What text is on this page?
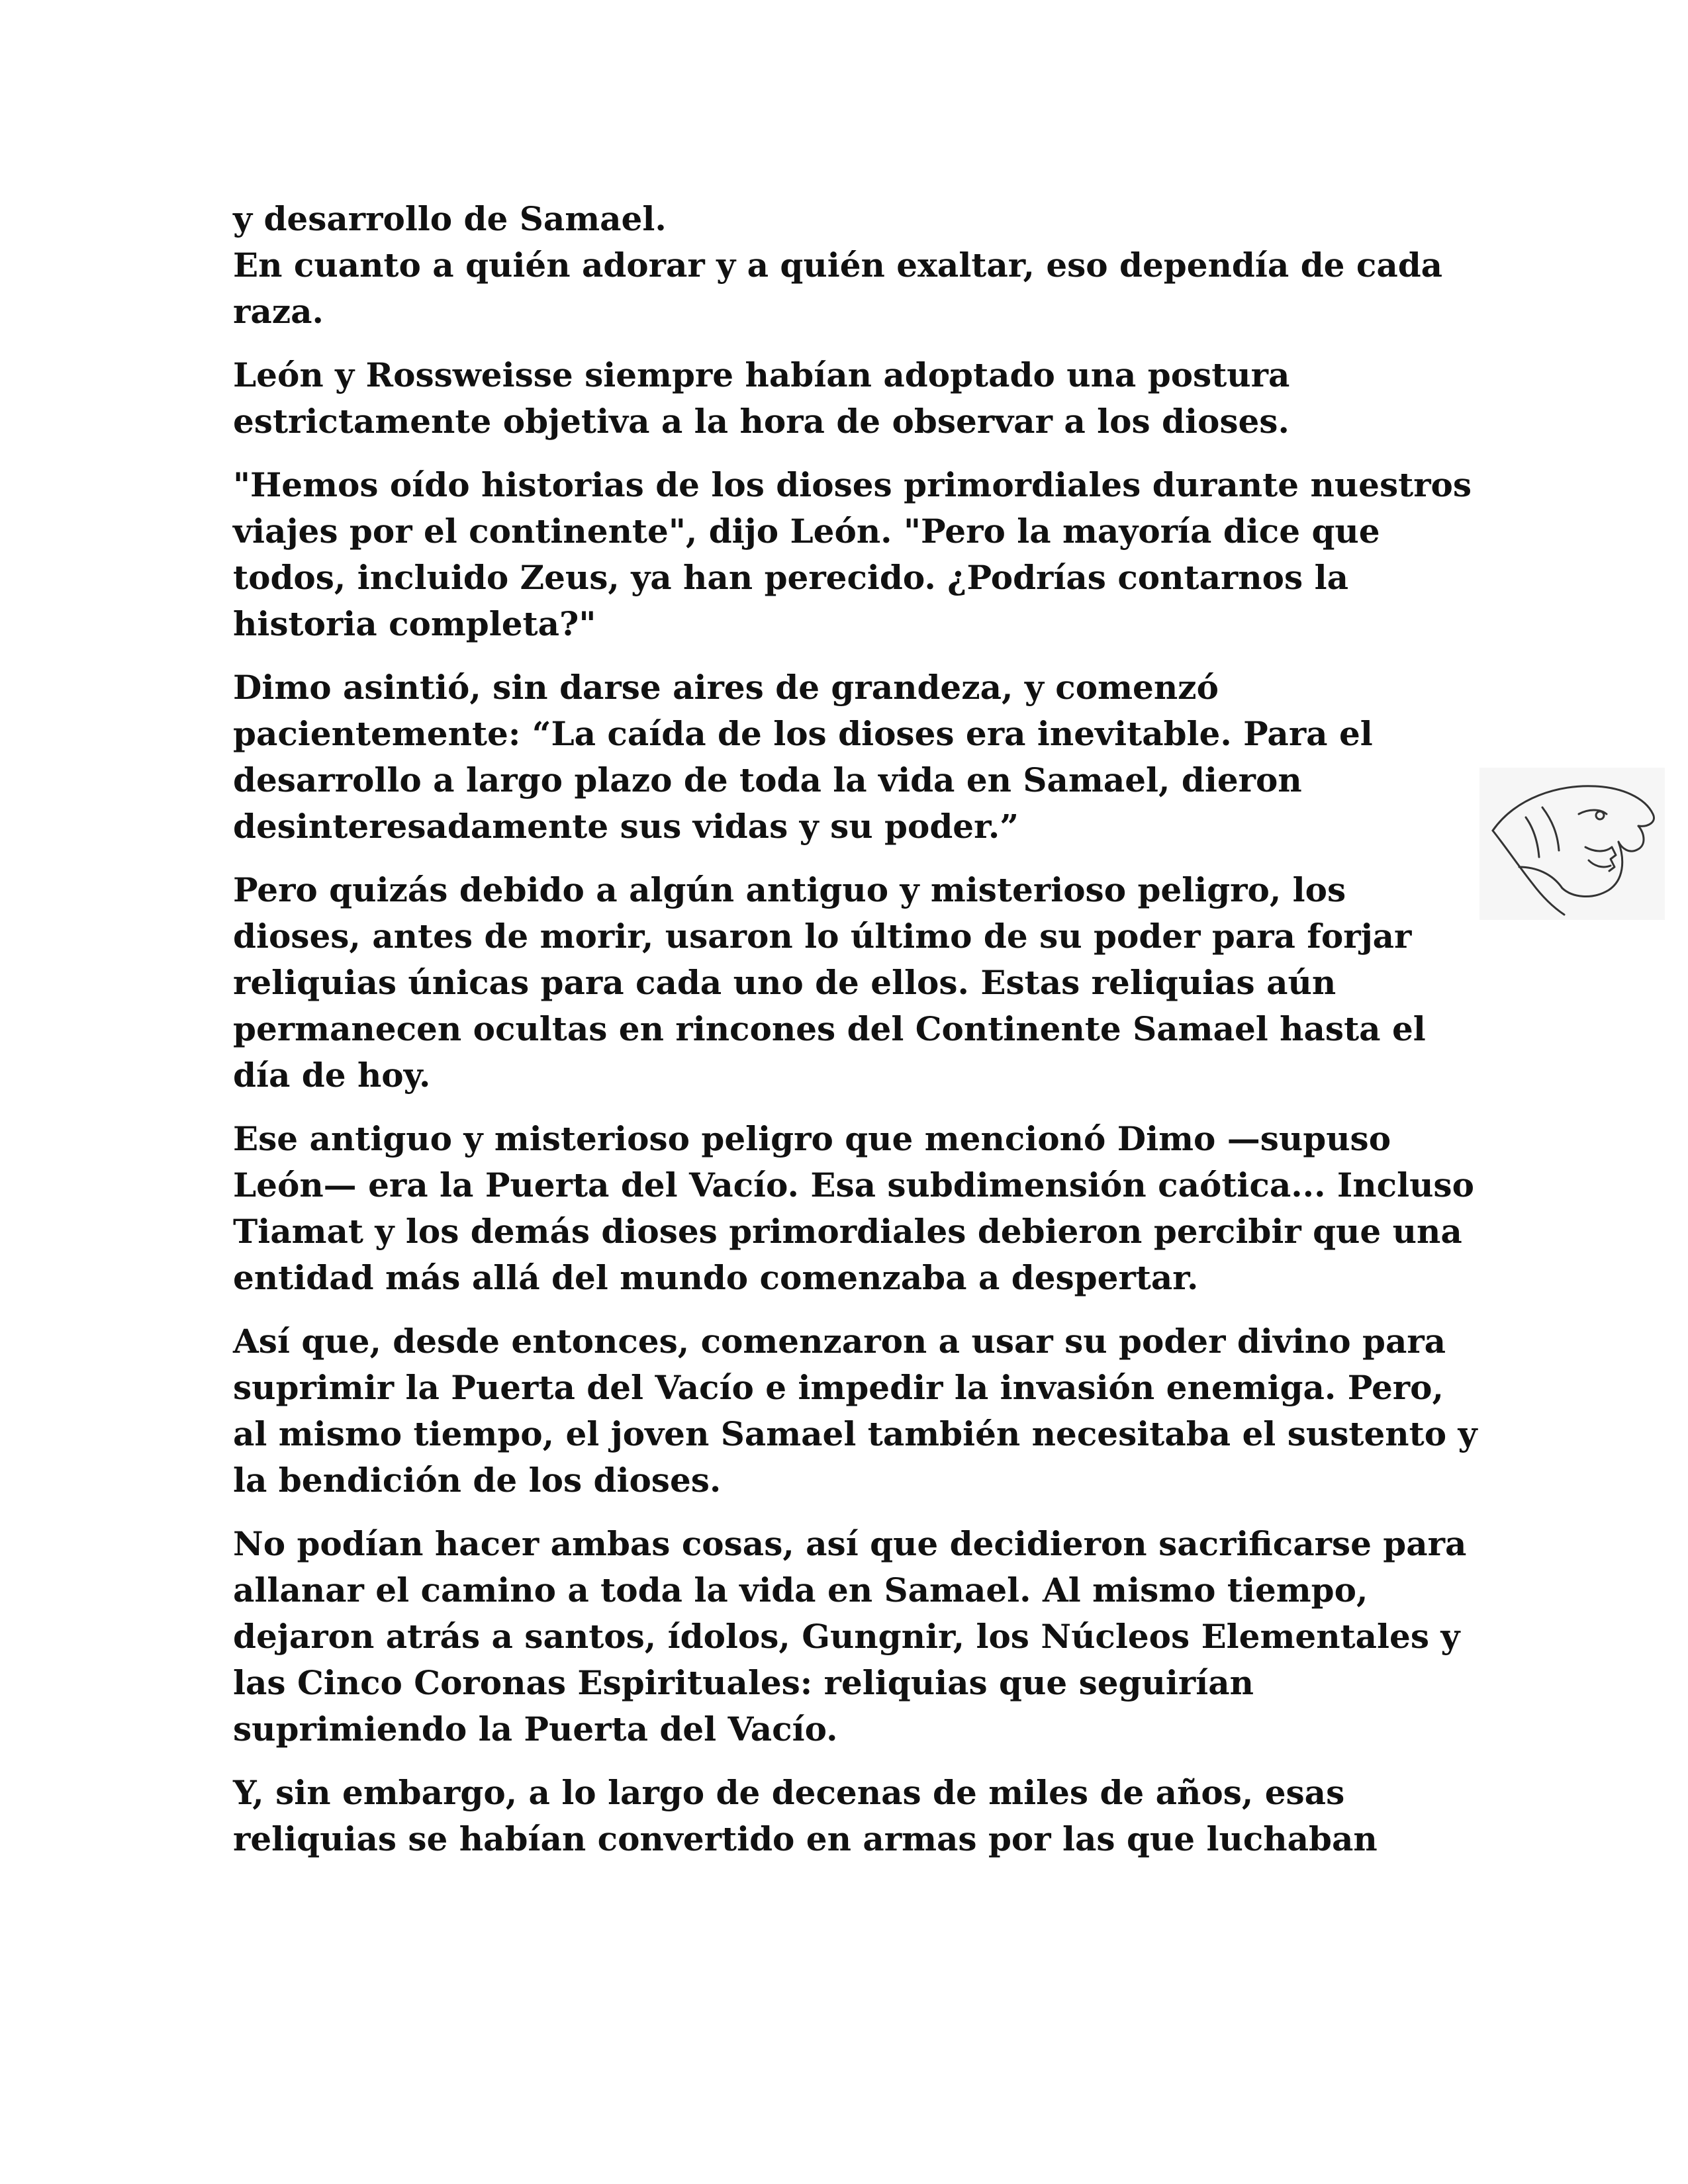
y desarrollo de Samael.

En cuanto a quién adorar y a quién exaltar, eso dependía de cada raza.

León y Rossweisse siempre habían adoptado una postura estrictamente objetiva a la hora de observar a los dioses.

"Hemos oído historias de los dioses primordiales durante nuestros viajes por el continente", dijo León. "Pero la mayoría dice que todos, incluido Zeus, ya han perecido. ¿Podrías contarnos la historia completa?"

Dimo asintió, sin darse aires de grandeza, y comenzó pacientemente: “La caída de los dioses era inevitable. Para el desarrollo a largo plazo de toda la vida en Samael, dieron desinteresadamente sus vidas y su poder.”

Pero quizás debido a algún antiguo y misterioso peligro, los dioses, antes de morir, usaron lo último de su poder para forjar reliquias únicas para cada uno de ellos. Estas reliquias aún permanecen ocultas en rincones del Continente Samael hasta el día de hoy.

Ese antiguo y misterioso peligro que mencionó Dimo —supuso León— era la Puerta del Vacío. Esa subdimensión caótica... Incluso Tiamat y los demás dioses primordiales debieron percibir que una entidad más allá del mundo comenzaba a despertar.

Así que, desde entonces, comenzaron a usar su poder divino para suprimir la Puerta del Vacío e impedir la invasión enemiga. Pero, al mismo tiempo, el joven Samael también necesitaba el sustento y la bendición de los dioses.

No podían hacer ambas cosas, así que decidieron sacrificarse para allanar el camino a toda la vida en Samael. Al mismo tiempo, dejaron atrás a santos, ídolos, Gungnir, los Núcleos Elementales y las Cinco Coronas Espirituales: reliquias que seguirían suprimiendo la Puerta del Vacío.

Y, sin embargo, a lo largo de decenas de miles de años, esas reliquias se habían convertido en armas por las que luchaban
